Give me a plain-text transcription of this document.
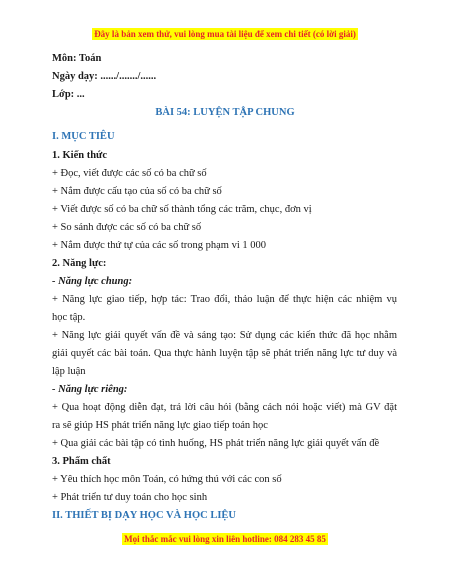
Đây là bản xem thử, vui lòng mua tài liệu để xem chi tiết (có lời giải)
Môn: Toán
Ngày dạy: ....../......./......
Lớp: ...
BÀI 54: LUYỆN TẬP CHUNG
I. MỤC TIÊU
1. Kiến thức
+ Đọc, viết được các số có ba chữ số
+ Nắm được cấu tạo của số có ba chữ số
+ Viết được số có ba chữ số thành tổng các trăm, chục, đơn vị
+ So sánh được các số có ba chữ số
+ Nắm được thứ tự của các số trong phạm vi 1 000
2. Năng lực:
- Năng lực chung:
+ Năng lực giao tiếp, hợp tác: Trao đổi, thảo luận để thực hiện các nhiệm vụ
học tập.
+ Năng lực giải quyết vấn đề và sáng tạo: Sử dụng các kiến thức đã học nhằm
giải quyết các bài toán. Qua thực hành luyện tập sẽ phát triển năng lực tư duy và
lập luận
- Năng lực riêng:
+ Qua hoạt động diễn đạt, trả lời câu hỏi (bằng cách nói hoặc viết) mà GV đặt
ra sẽ giúp HS phát triển năng lực giao tiếp toán học
+ Qua giải các bài tập có tình huống, HS phát triển năng lực giải quyết vấn đề
3. Phẩm chất
+ Yêu thích học môn Toán, có hứng thú với các con số
+ Phát triển tư duy toán cho học sinh
II. THIẾT BỊ DẠY HỌC VÀ HỌC LIỆU
Mọi thắc mắc vui lòng xin liên hotline: 084 283 45 85
